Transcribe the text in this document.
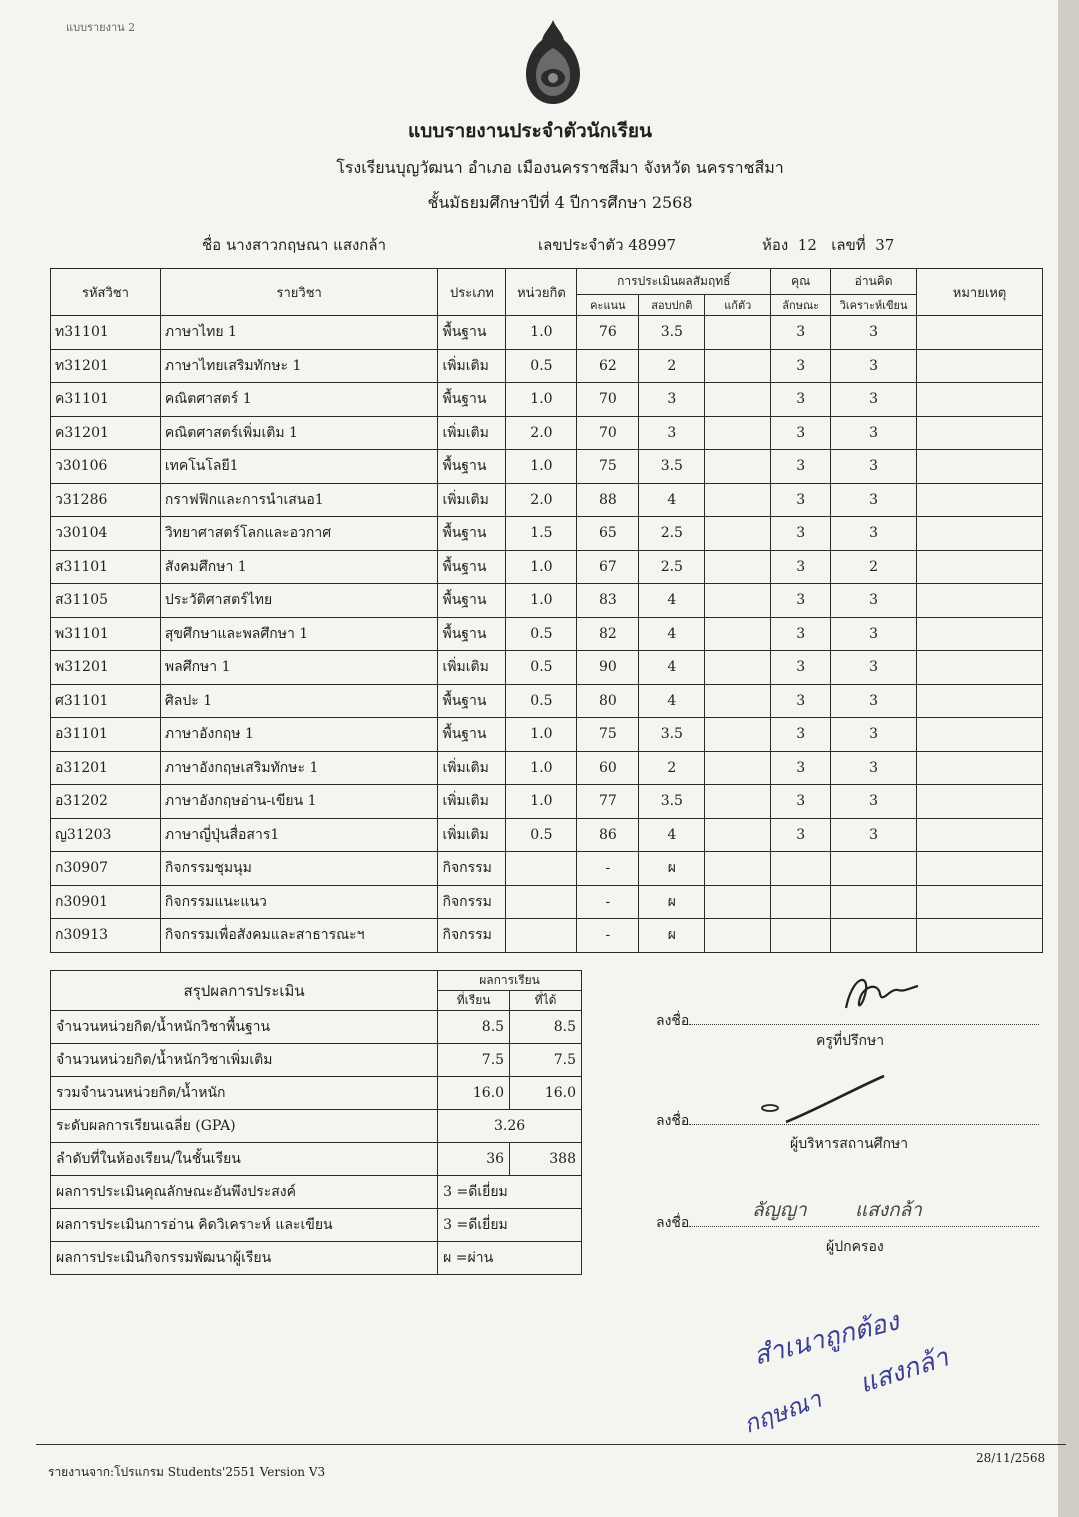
แบบรายงาน 2
แบบรายงานประจำตัวนักเรียน
โรงเรียนบุญวัฒนา อำเภอ เมืองนครราชสีมา จังหวัด นครราชสีมา
ชั้นมัธยมศึกษาปีที่ 4 ปีการศึกษา 2568
ชื่อ นางสาวกฤษณา แสงกล้า	เลขประจำตัว 48997	ห้อง 12 เลขที่ 37
รหัสวิชา	รายวิชา	ประเภท	หน่วยกิต	การประเมินผลสัมฤทธิ์			คุณ	อ่านคิด	หมายเหตุ
				คะแนน	สอบปกติ	แก้ตัว	ลักษณะ	วิเคราะห์เขียน	
ท31101	ภาษาไทย 1	พื้นฐาน	1.0	76	3.5		3	3	
ท31201	ภาษาไทยเสริมทักษะ 1	เพิ่มเติม	0.5	62	2		3	3	
ค31101	คณิตศาสตร์ 1	พื้นฐาน	1.0	70	3		3	3	
ค31201	คณิตศาสตร์เพิ่มเติม 1	เพิ่มเติม	2.0	70	3		3	3	
ว30106	เทคโนโลยี1	พื้นฐาน	1.0	75	3.5		3	3	
ว31286	กราฟฟิกและการนำเสนอ1	เพิ่มเติม	2.0	88	4		3	3	
ว30104	วิทยาศาสตร์โลกและอวกาศ	พื้นฐาน	1.5	65	2.5		3	3	
ส31101	สังคมศึกษา 1	พื้นฐาน	1.0	67	2.5		3	2	
ส31105	ประวัติศาสตร์ไทย	พื้นฐาน	1.0	83	4		3	3	
พ31101	สุขศึกษาและพลศึกษา 1	พื้นฐาน	0.5	82	4		3	3	
พ31201	พลศึกษา 1	เพิ่มเติม	0.5	90	4		3	3	
ศ31101	ศิลปะ 1	พื้นฐาน	0.5	80	4		3	3	
อ31101	ภาษาอังกฤษ 1	พื้นฐาน	1.0	75	3.5		3	3	
อ31201	ภาษาอังกฤษเสริมทักษะ 1	เพิ่มเติม	1.0	60	2		3	3	
อ31202	ภาษาอังกฤษอ่าน-เขียน 1	เพิ่มเติม	1.0	77	3.5		3	3	
ญ31203	ภาษาญี่ปุ่นสื่อสาร1	เพิ่มเติม	0.5	86	4		3	3	
ก30907	กิจกรรมชุมนุม	กิจกรรม		-	ผ				
ก30901	กิจกรรมแนะแนว	กิจกรรม		-	ผ				
ก30913	กิจกรรมเพื่อสังคมและสาธารณะฯ	กิจกรรม		-	ผ				
สรุปผลการประเมิน	ผลการเรียน	
	ที่เรียน	ที่ได้
จำนวนหน่วยกิต/น้ำหนักวิชาพื้นฐาน	8.5	8.5
จำนวนหน่วยกิต/น้ำหนักวิชาเพิ่มเติม	7.5	7.5
รวมจำนวนหน่วยกิต/น้ำหนัก	16.0	16.0
ระดับผลการเรียนเฉลี่ย (GPA)	3.26	
ลำดับที่ในห้องเรียน/ในชั้นเรียน	36	388
ผลการประเมินคุณลักษณะอันพึงประสงค์	3 =ดีเยี่ยม	
ผลการประเมินการอ่าน คิดวิเคราะห์ และเขียน	3 =ดีเยี่ยม	
ผลการประเมินกิจกรรมพัฒนาผู้เรียน	ผ =ผ่าน	
ลงชื่อ
ครูที่ปรึกษา
ลงชื่อ
ผู้บริหารสถานศึกษา
ลงชื่อ
ลัญญา        แสงกล้า
ผู้ปกครอง
สำเนาถูกต้อง
แสงกล้า
กฤษณา
รายงานจาก:โปรแกรม Students'2551 Version V3
28/11/2568
